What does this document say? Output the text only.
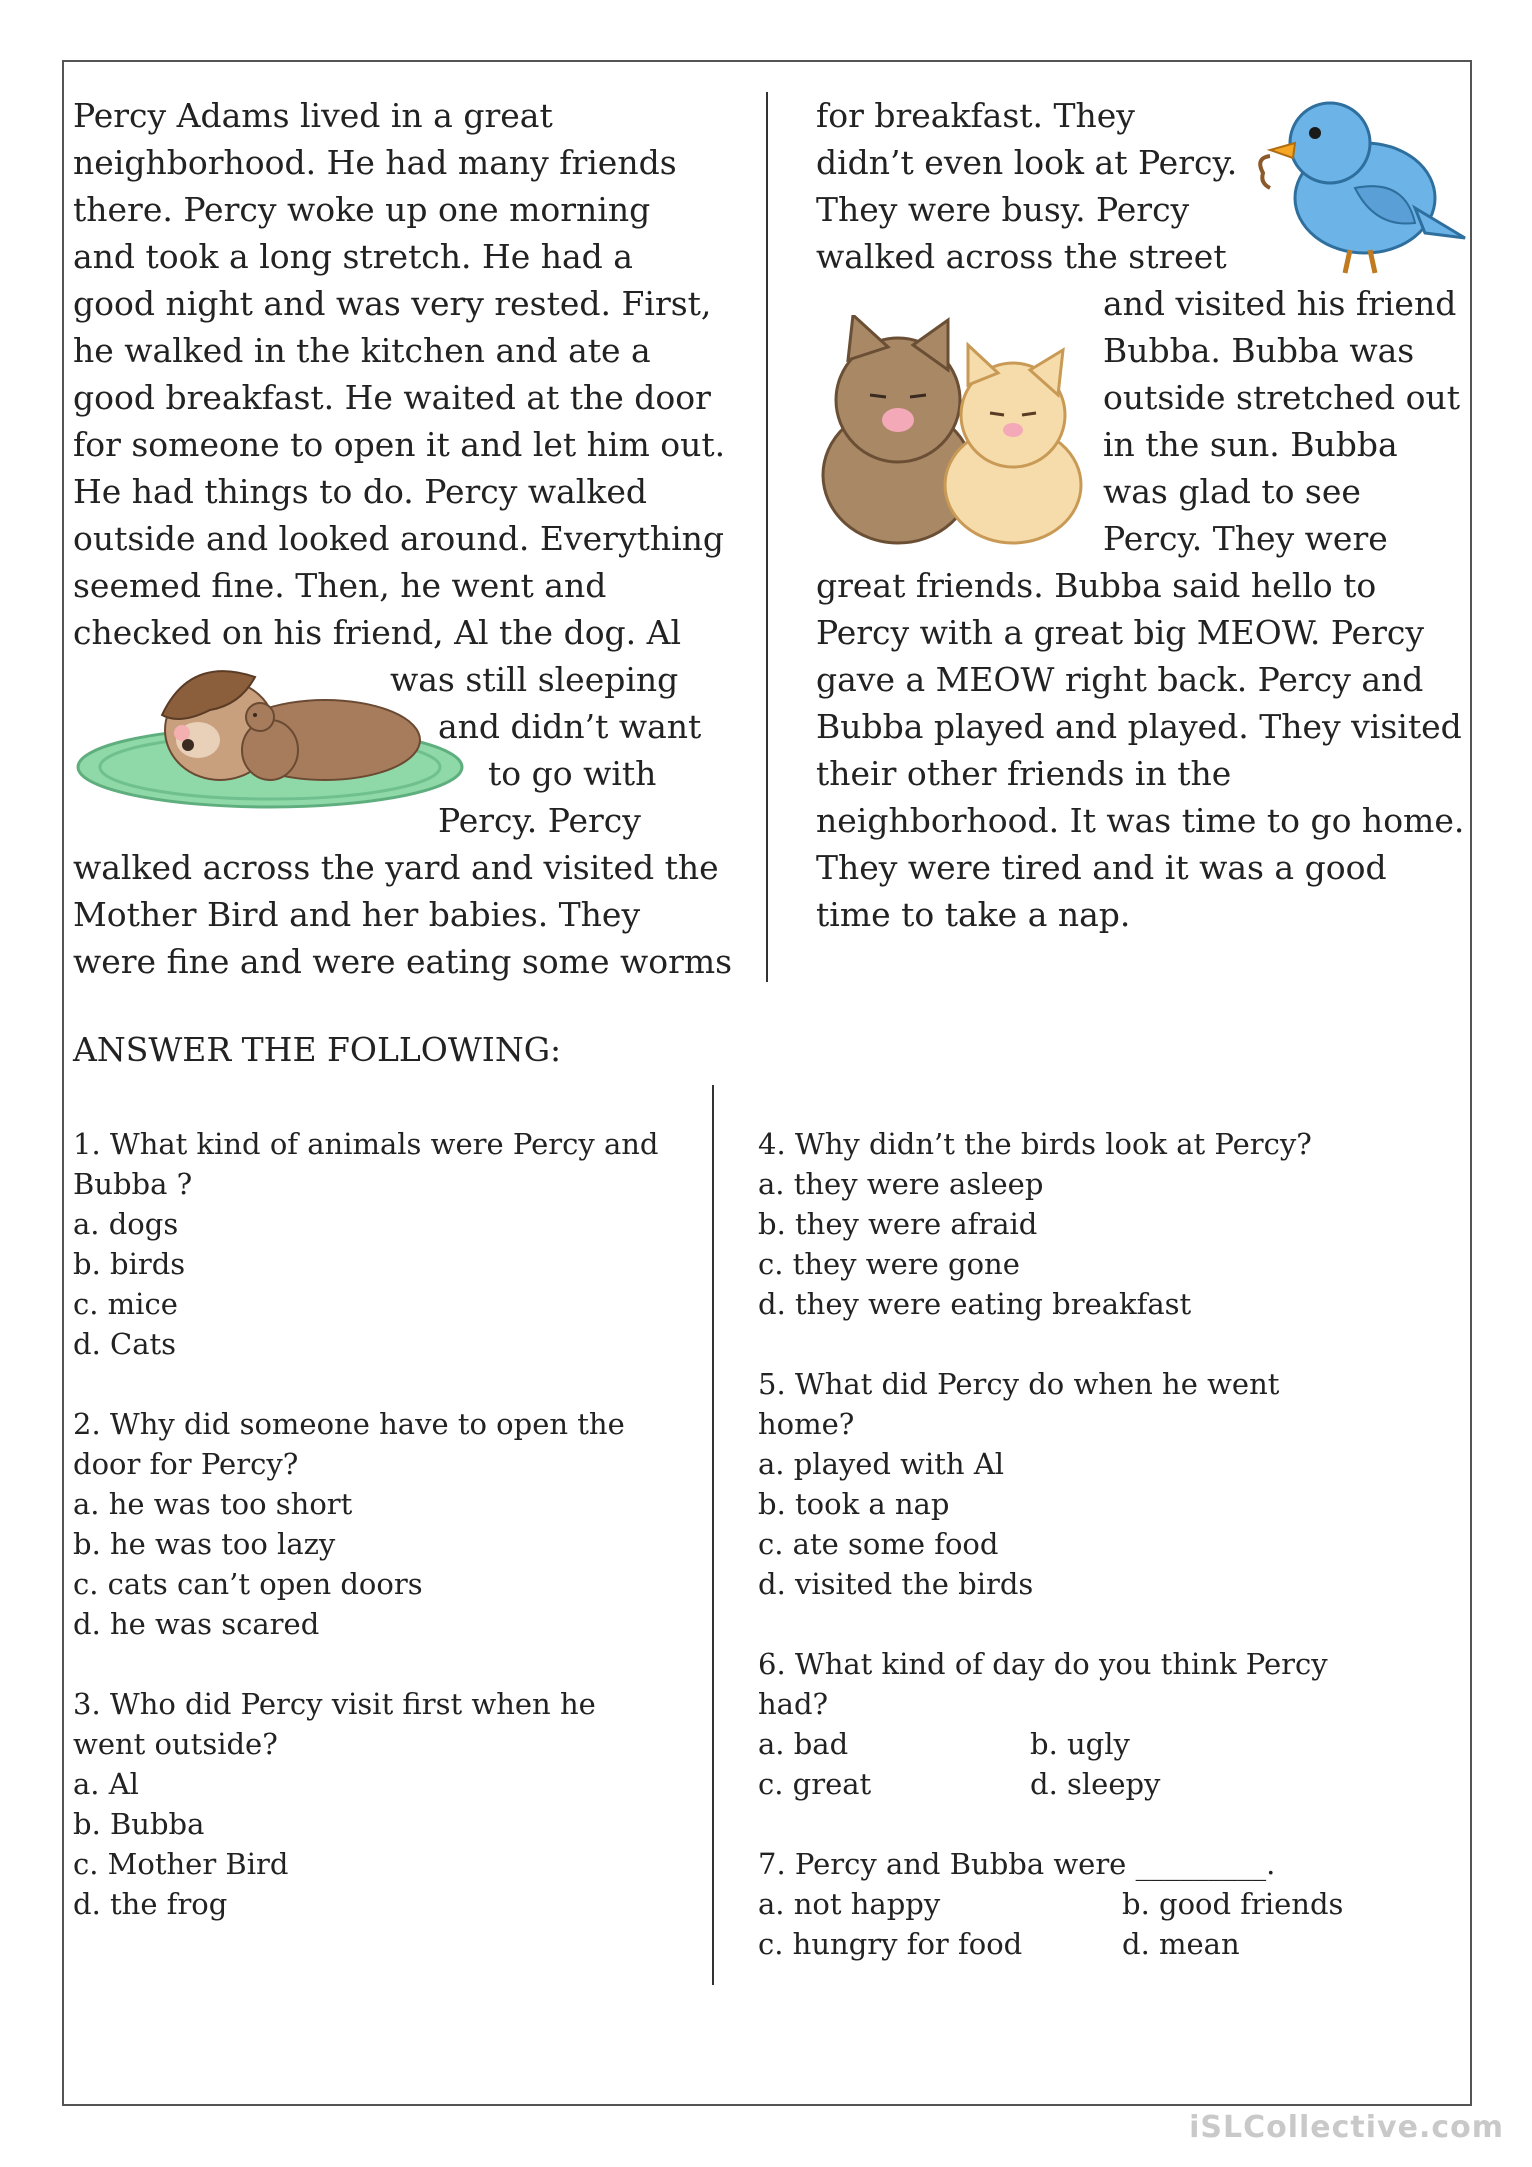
Percy Adams lived in a great
neighborhood. He had many friends
there. Percy woke up one morning
and took a long stretch. He had a
good night and was very rested. First,
he walked in the kitchen and ate a
good breakfast. He waited at the door
for someone to open it and let him out.
He had things to do. Percy walked
outside and looked around. Everything
seemed fine. Then, he went and
checked on his friend, Al the dog. Al
was still sleeping
and didn’t want
to go with
Percy. Percy
walked across the yard and visited the
Mother Bird and her babies. They
were fine and were eating some worms
for breakfast. They
didn’t even look at Percy.
They were busy. Percy
walked across the street
and visited his friend
Bubba. Bubba was
outside stretched out
in the sun. Bubba
was glad to see
Percy. They were
great friends. Bubba said hello to
Percy with a great big MEOW. Percy
gave a MEOW right back. Percy and
Bubba played and played. They visited
their other friends in the
neighborhood. It was time to go home.
They were tired and it was a good
time to take a nap.
ANSWER THE FOLLOWING:
1. What kind of animals were Percy and
Bubba ?
a. dogs
b. birds
c. mice
d. Cats
2. Why did someone have to open the
door for Percy?
a. he was too short
b. he was too lazy
c. cats can’t open doors
d. he was scared
3. Who did Percy visit first when he
went outside?
a. Al
b. Bubba
c. Mother Bird
d. the frog
4. Why didn’t the birds look at Percy?
a. they were asleep
b. they were afraid
c. they were gone
d. they were eating breakfast
5. What did Percy do when he went
home?
a. played with Al
b. took a nap
c. ate some food
d. visited the birds
6. What kind of day do you think Percy
had?
a. bad	b. ugly
c. great	d. sleepy
7. Percy and Bubba were _________.
a. not happy	b. good friends
c. hungry for food	d. mean
iSLCollective.com
